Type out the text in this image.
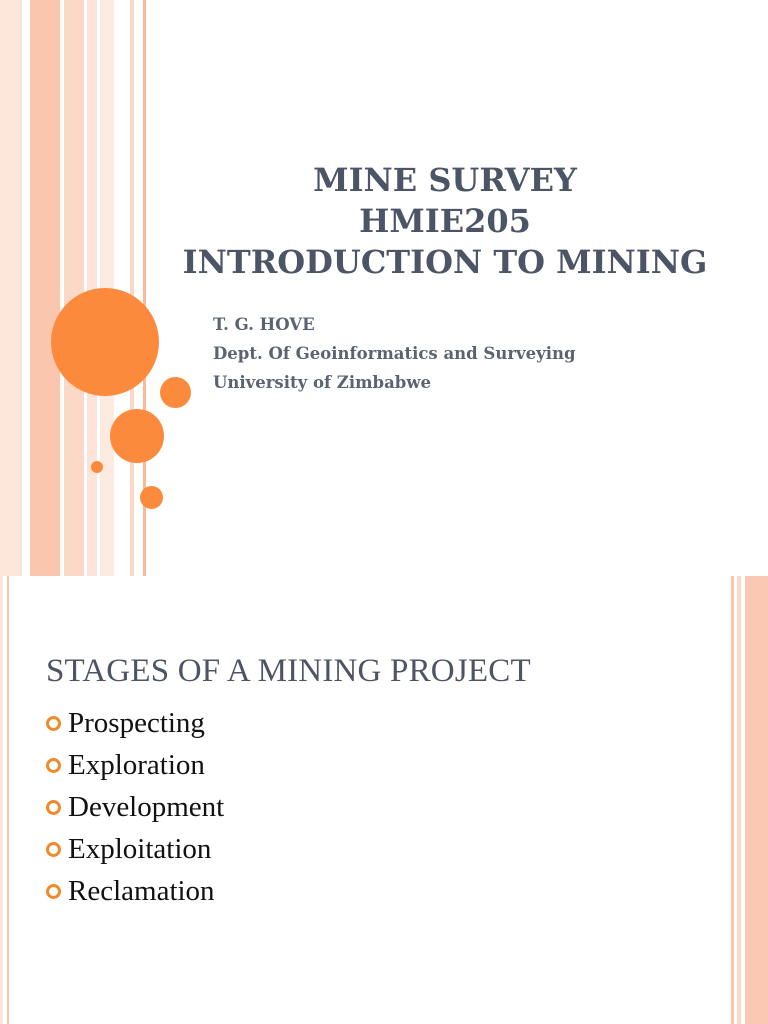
MINE SURVEY
HMIE205
INTRODUCTION TO MINING
T. G. HOVE
Dept. Of Geoinformatics and Surveying
University of Zimbabwe
STAGES OF A MINING PROJECT
Prospecting
Exploration
Development
Exploitation
Reclamation
